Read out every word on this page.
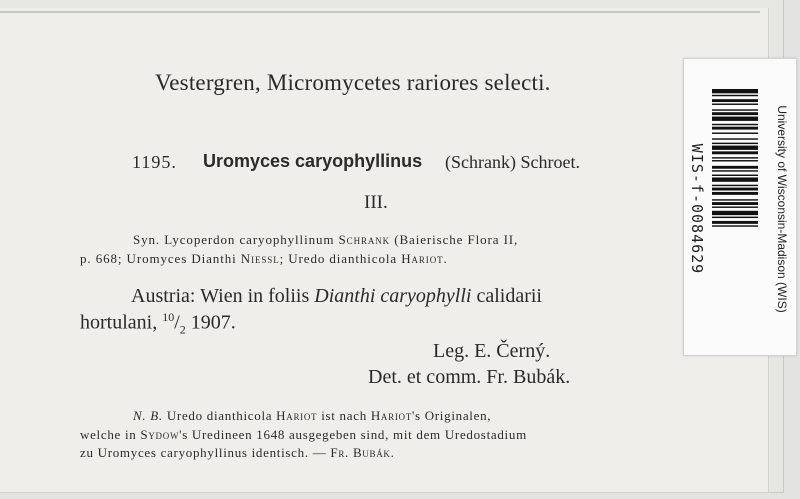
Vestergren, Micromycetes rariores selecti.
1195. Uromyces caryophyllinus (Schrank) Schroet.
III.
Syn. Lycoperdon caryophyllinum Schrank (Baierische Flora II,
p. 668; Uromyces Dianthi Niessl; Uredo dianthicola Hariot.
Austria: Wien in foliis Dianthi caryophylli calidarii
hortulani, $^{10}/_2$ 1907.
Leg. E. Černý.
Det. et comm. Fr. Bubák.
N. B. Uredo dianthicola Hariot ist nach Hariot's Originalen,
welche in Sydow's Uredineen 1648 ausgegeben sind, mit dem Uredostadium
zu Uromyces caryophyllinus identisch. — Fr. Bubák.
WIS-f-0084629	University of Wisconsin-Madison (WIS)
